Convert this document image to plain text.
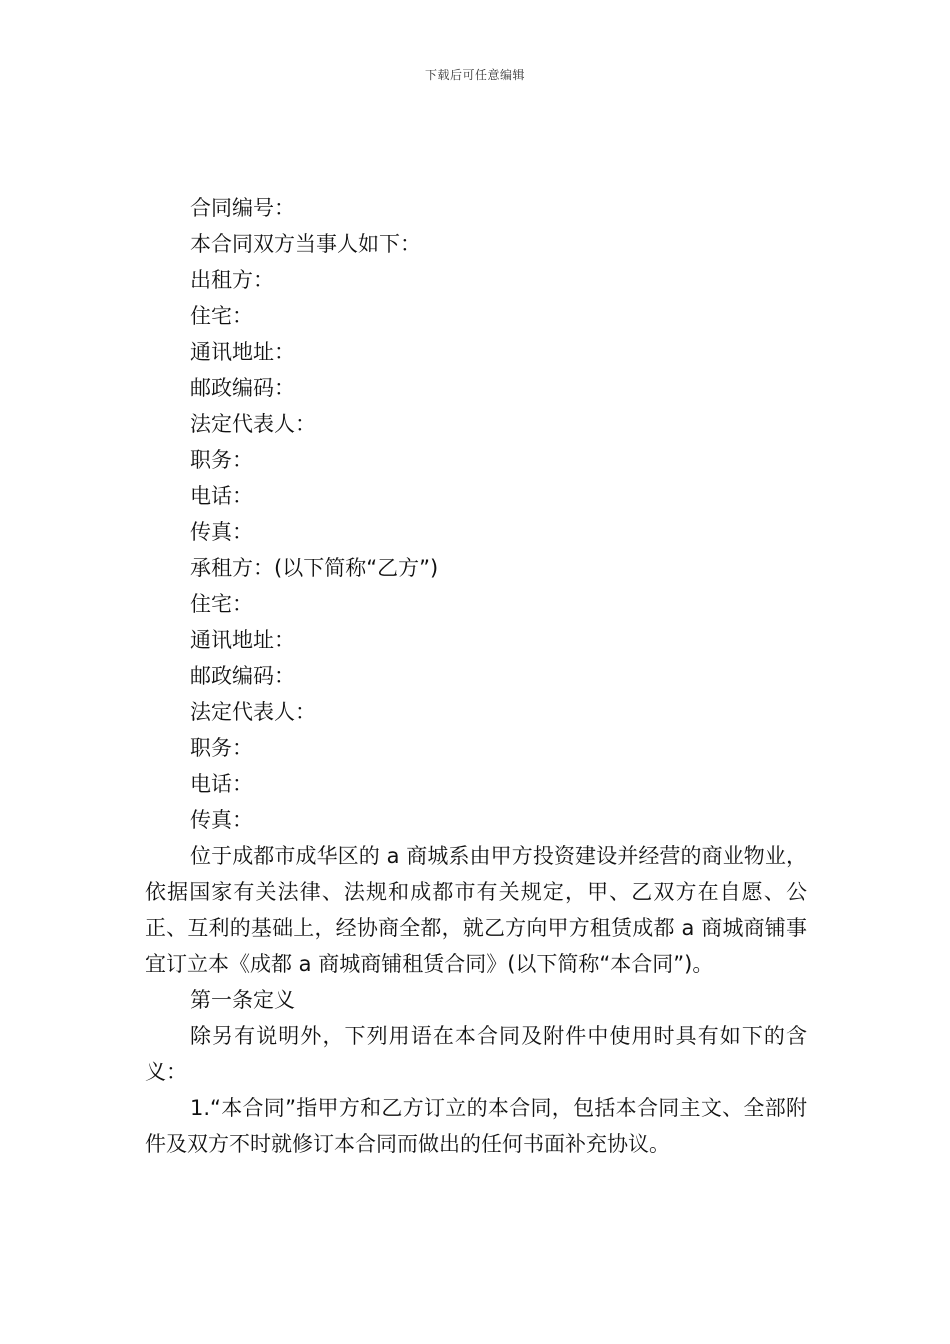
下载后可任意编辑

合同编号：

本合同双方当事人如下：

出租方：

住宅：

通讯地址：

邮政编码：

法定代表人：

职务：

电话：

传真：

承租方：(以下简称“乙方”)

住宅：

通讯地址：

邮政编码：

法定代表人：

职务：

电话：

传真：

位于成都市成华区的 a 商城系由甲方投资建设并经营的商业物业，依据国家有关法律、法规和成都市有关规定，甲、乙双方在自愿、公正、互利的基础上，经协商全都，就乙方向甲方租赁成都 a 商城商铺事宜订立本《成都 a 商城商铺租赁合同》(以下简称“本合同”)。

第一条定义

除另有说明外，下列用语在本合同及附件中使用时具有如下的含义：

1.“本合同”指甲方和乙方订立的本合同，包括本合同主文、全部附件及双方不时就修订本合同而做出的任何书面补充协议。
